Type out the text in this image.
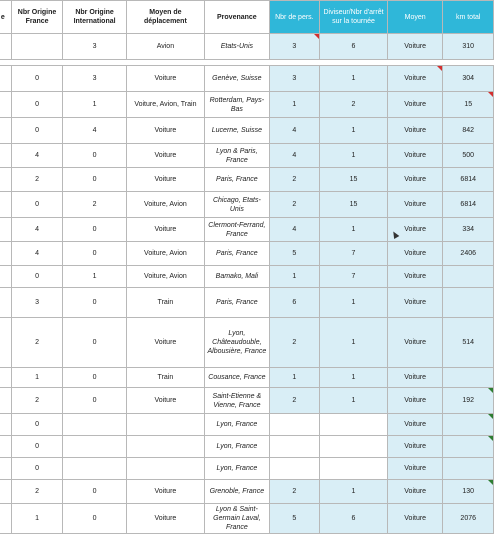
e	Nbr Origine France	Nbr Origine International	Moyen de déplacement	Provenance	Nbr de pers.	Diviseur/Nbr d'arrêt sur la tournée	Moyen	km total
		3	Avion	Etats-Unis	3	6	Voiture	310

	0	3	Voiture	Genève, Suisse	3	1	Voiture	304
	0	1	Voiture, Avion, Train	Rotterdam, Pays-Bas	1	2	Voiture	15
	0	4	Voiture	Lucerne, Suisse	4	1	Voiture	842
	4	0	Voiture	Lyon & Paris, France	4	1	Voiture	500
	2	0	Voiture	Paris, France	2	15	Voiture	6814
	0	2	Voiture, Avion	Chicago, Etats-Unis	2	15	Voiture	6814
	4	0	Voiture	Clermont-Ferrand, France	4	1	Voiture	334
	4	0	Voiture, Avion	Paris, France	5	7	Voiture	2406
	0	1	Voiture, Avion	Bamako, Mali	1	7	Voiture	
	3	0	Train	Paris, France	6	1	Voiture	
	2	0	Voiture	Lyon, Châteaudouble, Albousière, France	2	1	Voiture	514
	1	0	Train	Cousance, France	1	1	Voiture	
	2	0	Voiture	Saint-Etienne & Vienne, France	2	1	Voiture	192
	0			Lyon, France			Voiture	
	0			Lyon, France			Voiture	
	0			Lyon, France			Voiture	
	2	0	Voiture	Grenoble, France	2	1	Voiture	130
	1	0	Voiture	Lyon & Saint-Germain Laval, France	5	6	Voiture	2076
